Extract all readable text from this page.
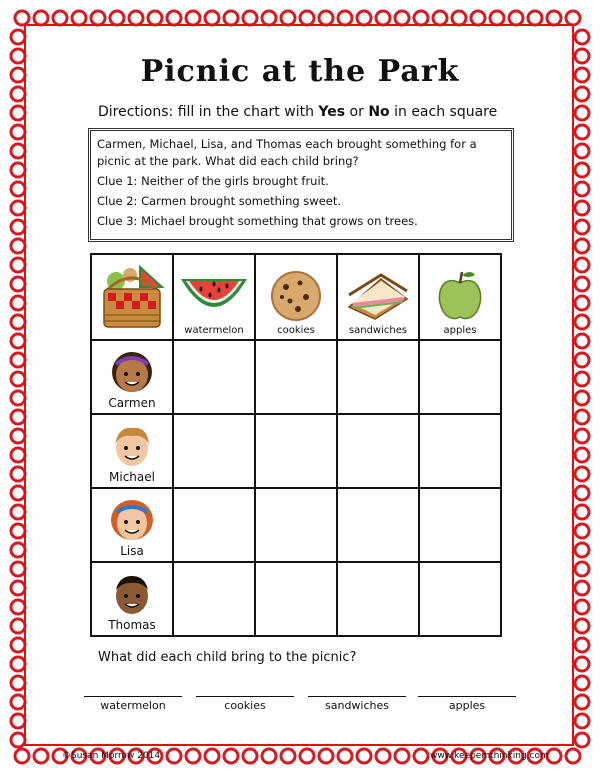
Picnic at the Park
Directions: fill in the chart with Yes or No in each square

Carmen, Michael, Lisa, and Thomas each brought something for a picnic at the park. What did each child bring?

Clue 1: Neither of the girls brought fruit.

Clue 2: Carmen brought something sweet.

Clue 3: Michael brought something that grows on trees.

watermelon	cookies	sandwiches	apples

Carmen				

Michael				

Lisa				

Thomas				

What did each child bring to the picnic?
watermelon	cookies	sandwiches	apples
©Susan Morrow 2014	www.keepemthinking.com
